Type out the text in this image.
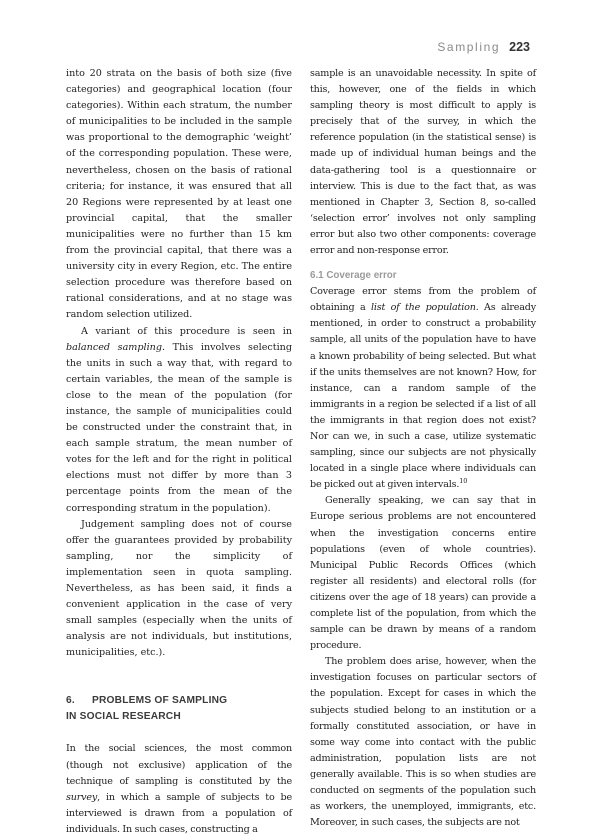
Sampling 223

into 20 strata on the basis of both size (five categories) and geographical location (four categories). Within each stratum, the number of municipalities to be included in the sample was proportional to the demographic ‘weight’ of the corresponding population. These were, nevertheless, chosen on the basis of rational criteria; for instance, it was ensured that all 20 Regions were represented by at least one provincial capital, that the smaller municipalities were no further than 15 km from the provincial capital, that there was a university city in every Region, etc. The entire selection procedure was therefore based on rational considerations, and at no stage was random selection utilized.

A variant of this procedure is seen in balanced sampling. This involves selecting the units in such a way that, with regard to certain variables, the mean of the sample is close to the mean of the population (for instance, the sample of municipalities could be constructed under the constraint that, in each sample stratum, the mean number of votes for the left and for the right in political elections must not differ by more than 3 percentage points from the mean of the corresponding stratum in the population).

Judgement sampling does not of course offer the guarantees provided by probability sampling, nor the simplicity of implementation seen in quota sampling. Nevertheless, as has been said, it finds a convenient application in the case of very small samples (especially when the units of analysis are not individuals, but institutions, municipalities, etc.).

6. PROBLEMS OF SAMPLING
IN SOCIAL RESEARCH

In the social sciences, the most common (though not exclusive) application of the technique of sampling is constituted by the survey, in which a sample of subjects to be interviewed is drawn from a population of individuals. In such cases, constructing a

sample is an unavoidable necessity. In spite of this, however, one of the fields in which sampling theory is most difficult to apply is precisely that of the survey, in which the reference population (in the statistical sense) is made up of individual human beings and the data-gathering tool is a questionnaire or interview. This is due to the fact that, as was mentioned in Chapter 3, Section 8, so-called ‘selection error’ involves not only sampling error but also two other components: coverage error and non-response error.

6.1 Coverage error

Coverage error stems from the problem of obtaining a list of the population. As already mentioned, in order to construct a probability sample, all units of the population have to have a known probability of being selected. But what if the units themselves are not known? How, for instance, can a random sample of the immigrants in a region be selected if a list of all the immigrants in that region does not exist? Nor can we, in such a case, utilize systematic sampling, since our subjects are not physically located in a single place where individuals can be picked out at given intervals.$^{10}$

Generally speaking, we can say that in Europe serious problems are not encountered when the investigation concerns entire populations (even of whole countries). Municipal Public Records Offices (which register all residents) and electoral rolls (for citizens over the age of 18 years) can provide a complete list of the population, from which the sample can be drawn by means of a random procedure.

The problem does arise, however, when the investigation focuses on particular sectors of the population. Except for cases in which the subjects studied belong to an institution or a formally constituted association, or have in some way come into contact with the public administration, population lists are not generally available. This is so when studies are conducted on segments of the population such as workers, the unemployed, immigrants, etc. Moreover, in such cases, the subjects are not
